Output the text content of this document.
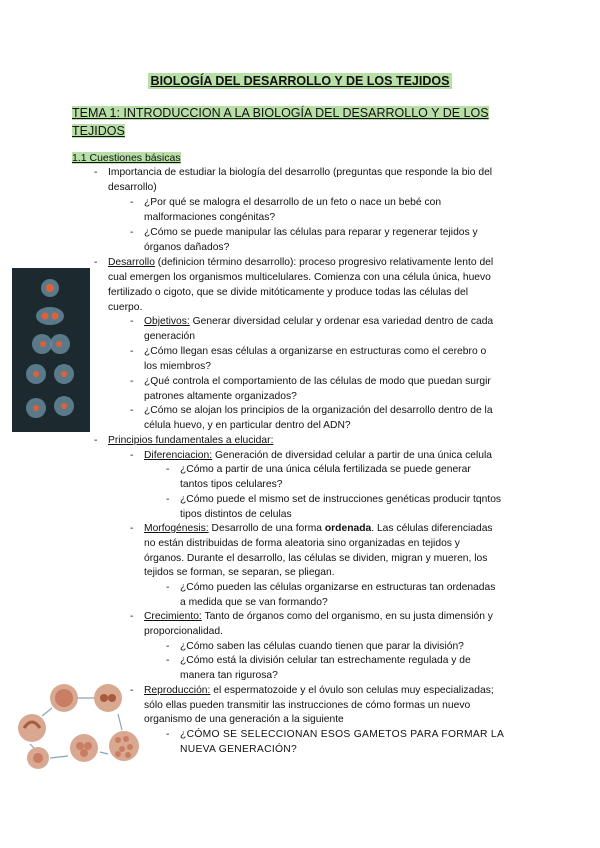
BIOLOGÍA DEL DESARROLLO Y DE LOS TEJIDOS
TEMA 1: INTRODUCCION A LA BIOLOGÍA DEL DESARROLLO Y DE LOS
TEJIDOS
1.1 Cuestiones básicas
- Importancia de estudiar la biología del desarrollo (preguntas que responde la bio del
desarrollo)
- ¿Por qué se malogra el desarrollo de un feto o nace un bebé con
malformaciones congénitas?
- ¿Cómo se puede manipular las células para reparar y regenerar tejidos y
órganos dañados?
- Desarrollo (definicion término desarrollo): proceso progresivo relativamente lento del
cual emergen los organismos multicelulares. Comienza con una célula única, huevo
fertilizado o cigoto, que se divide mitóticamente y produce todas las células del
cuerpo.
- Objetivos: Generar diversidad celular y ordenar esa variedad dentro de cada
generación
- ¿Cómo llegan esas células a organizarse en estructuras como el cerebro o
los miembros?
- ¿Qué controla el comportamiento de las células de modo que puedan surgir
patrones altamente organizados?
- ¿Cómo se alojan los principios de la organización del desarrollo dentro de la
célula huevo, y en particular dentro del ADN?
- Principios fundamentales a elucidar:
- Diferenciacion: Generación de diversidad celular a partir de una única celula
- ¿Cómo a partir de una única célula fertilizada se puede generar
tantos tipos celulares?
- ¿Cómo puede el mismo set de instrucciones genéticas producir tqntos
tipos distintos de celulas
- Morfogénesis: Desarrollo de una forma ordenada. Las células diferenciadas
no están distribuidas de forma aleatoria sino organizadas en tejidos y
órganos. Durante el desarrollo, las células se dividen, migran y mueren, los
tejidos se forman, se separan, se pliegan.
- ¿Cómo pueden las células organizarse en estructuras tan ordenadas
a medida que se van formando?
- Crecimiento: Tanto de órganos como del organismo, en su justa dimensión y
proporcionalidad.
- ¿Cómo saben las células cuando tienen que parar la división?
- ¿Cómo está la división celular tan estrechamente regulada y de
manera tan rigurosa?
- Reproducción: el espermatozoide y el óvulo son celulas muy especializadas;
sólo ellas pueden transmitir las instrucciones de cómo formas un nuevo
organismo de una generación a la siguiente
- ¿CÓMO SE SELECCIONAN ESOS GAMETOS PARA FORMAR LA
NUEVA GENERACIÓN?
